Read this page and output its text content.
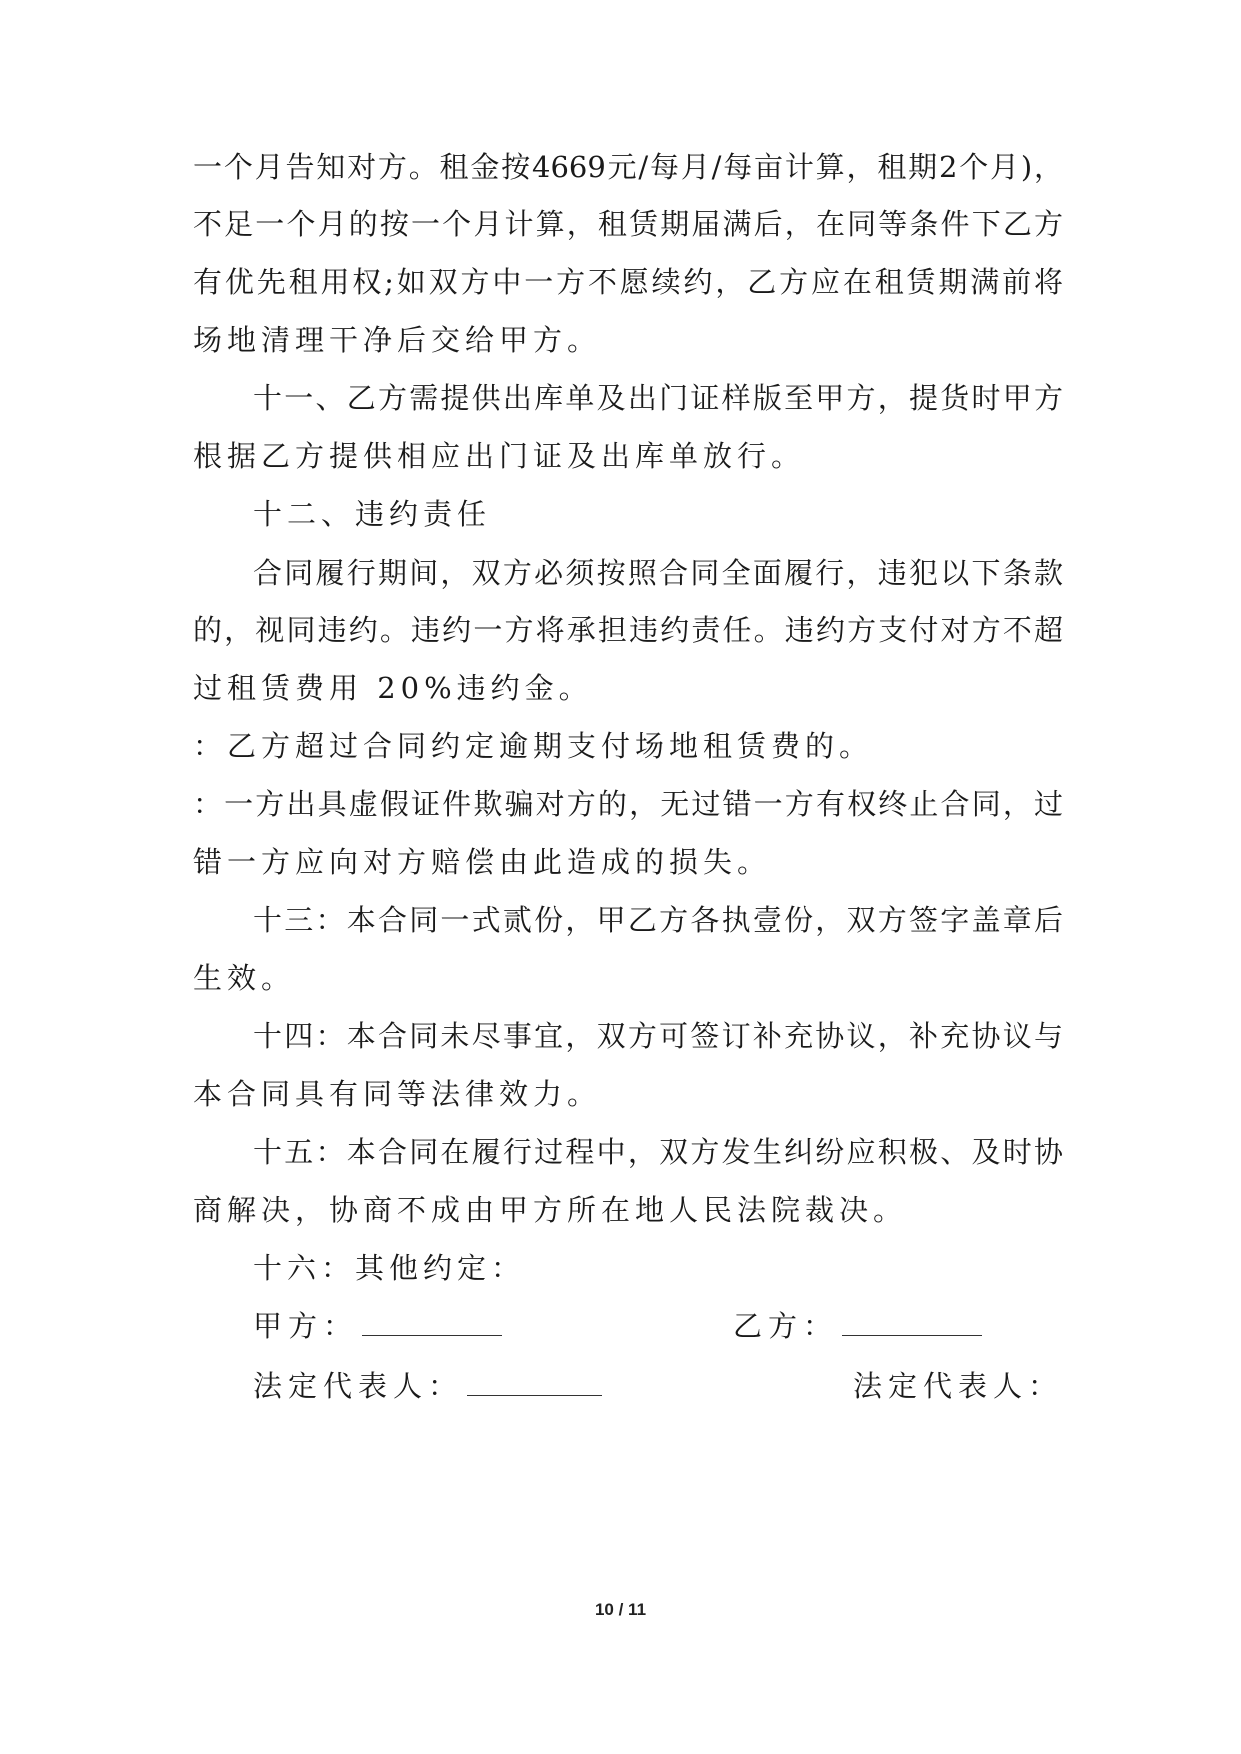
一个月告知对方。租金按4669元/每月/每亩计算，租期2个月)，
不足一个月的按一个月计算，租赁期届满后，在同等条件下乙方
有优先租用权;如双方中一方不愿续约，乙方应在租赁期满前将
场地清理干净后交给甲方。
十一、乙方需提供出库单及出门证样版至甲方，提货时甲方
根据乙方提供相应出门证及出库单放行。
十二、违约责任
合同履行期间，双方必须按照合同全面履行，违犯以下条款
的，视同违约。违约一方将承担违约责任。违约方支付对方不超
过租赁费用 20%违约金。
：乙方超过合同约定逾期支付场地租赁费的。
：一方出具虚假证件欺骗对方的，无过错一方有权终止合同，过
错一方应向对方赔偿由此造成的损失。
十三：本合同一式贰份，甲乙方各执壹份，双方签字盖章后
生效。
十四：本合同未尽事宜，双方可签订补充协议，补充协议与
本合同具有同等法律效力。
十五：本合同在履行过程中，双方发生纠纷应积极、及时协
商解决，协商不成由甲方所在地人民法院裁决。
十六：其他约定：
甲方：	乙方：
法定代表人：	法定代表人：
10 / 11
